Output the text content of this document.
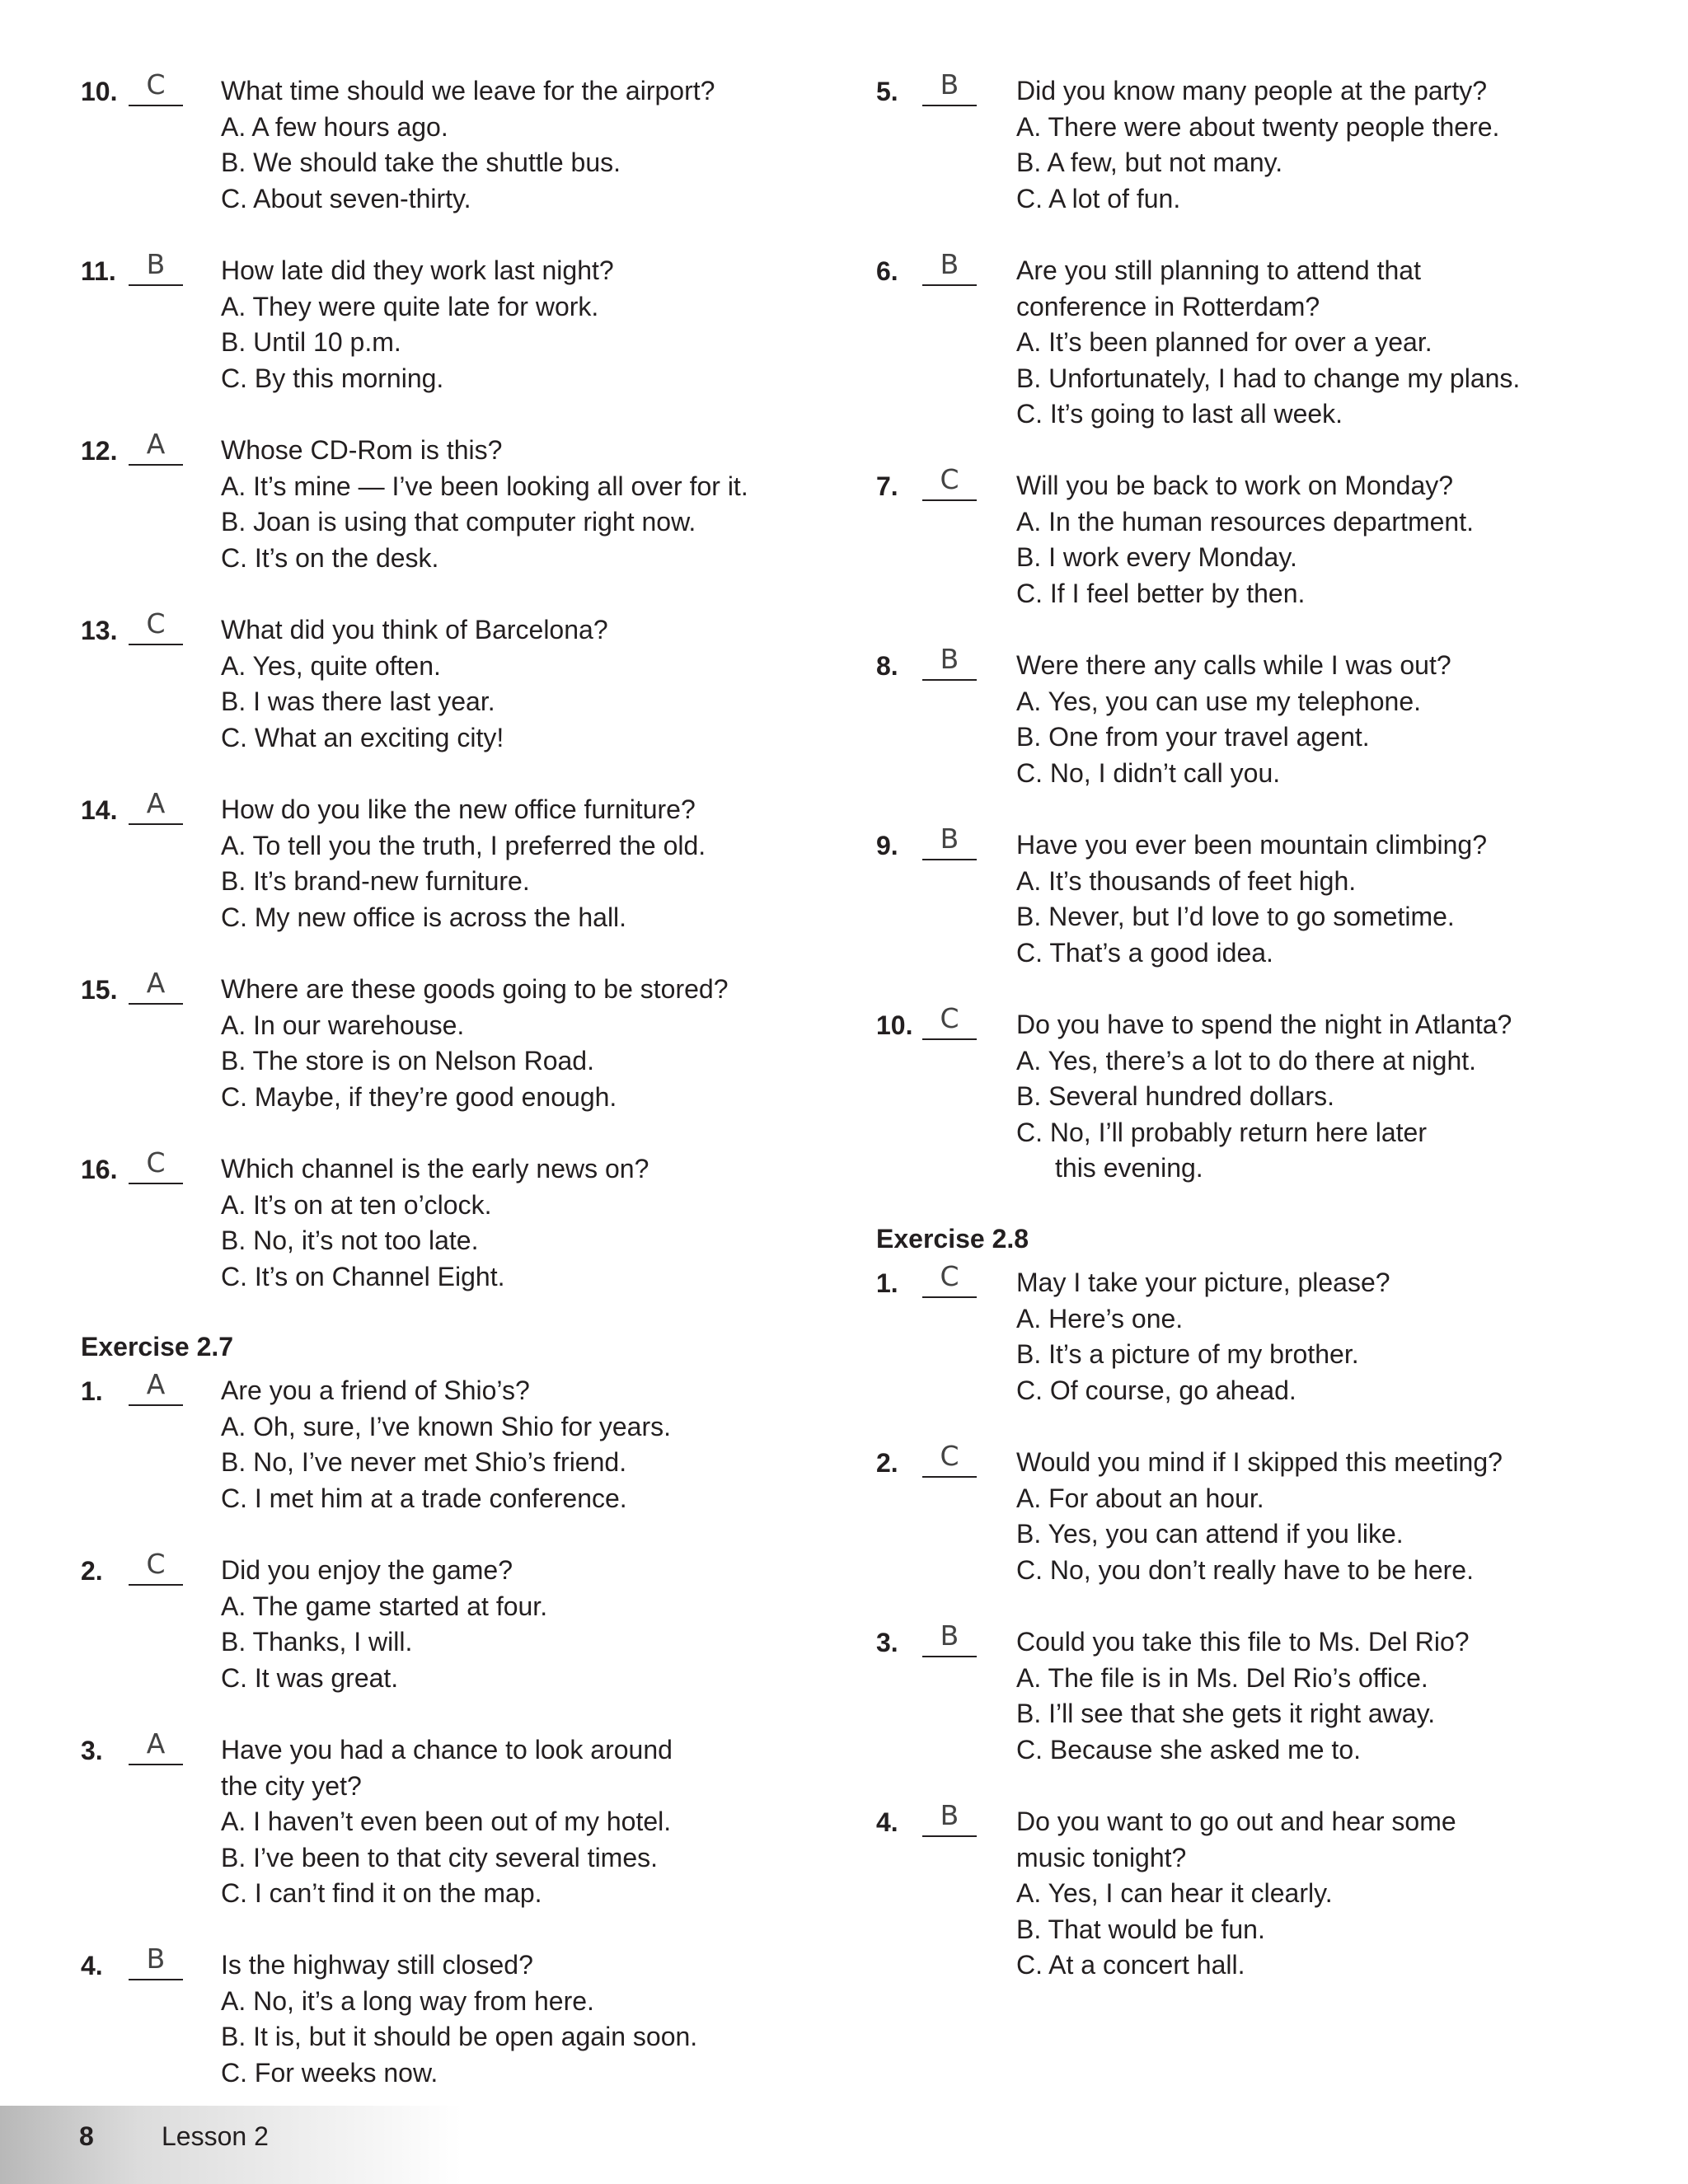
10.	C	What time should we leave for the airport?
A. A few hours ago.
B. We should take the shuttle bus.
C. About seven-thirty.
11.	B	How late did they work last night?
A. They were quite late for work.
B. Until 10 p.m.
C. By this morning.
12.	A	Whose CD-Rom is this?
A. It’s mine — I’ve been looking all over for it.
B. Joan is using that computer right now.
C. It’s on the desk.
13.	C	What did you think of Barcelona?
A. Yes, quite often.
B. I was there last year.
C. What an exciting city!
14.	A	How do you like the new office furniture?
A. To tell you the truth, I preferred the old.
B. It’s brand-new furniture.
C. My new office is across the hall.
15.	A	Where are these goods going to be stored?
A. In our warehouse.
B. The store is on Nelson Road.
C. Maybe, if they’re good enough.
16.	C	Which channel is the early news on?
A. It’s on at ten o’clock.
B. No, it’s not too late.
C. It’s on Channel Eight.
Exercise 2.7
1.	A	Are you a friend of Shio’s?
A. Oh, sure, I’ve known Shio for years.
B. No, I’ve never met Shio’s friend.
C. I met him at a trade conference.
2.	C	Did you enjoy the game?
A. The game started at four.
B. Thanks, I will.
C. It was great.
3.	A	Have you had a chance to look around
the city yet?
A. I haven’t even been out of my hotel.
B. I’ve been to that city several times.
C. I can’t find it on the map.
4.	B	Is the highway still closed?
A. No, it’s a long way from here.
B. It is, but it should be open again soon.
C. For weeks now.
5.	B	Did you know many people at the party?
A. There were about twenty people there.
B. A few, but not many.
C. A lot of fun.
6.	B	Are you still planning to attend that
conference in Rotterdam?
A. It’s been planned for over a year.
B. Unfortunately, I had to change my plans.
C. It’s going to last all week.
7.	C	Will you be back to work on Monday?
A. In the human resources department.
B. I work every Monday.
C. If I feel better by then.
8.	B	Were there any calls while I was out?
A. Yes, you can use my telephone.
B. One from your travel agent.
C. No, I didn’t call you.
9.	B	Have you ever been mountain climbing?
A. It’s thousands of feet high.
B. Never, but I’d love to go sometime.
C. That’s a good idea.
10. C	Do you have to spend the night in Atlanta?
A. Yes, there’s a lot to do there at night.
B. Several hundred dollars.
C. No, I’ll probably return here later
this evening.
Exercise 2.8
1.	C	May I take your picture, please?
A. Here’s one.
B. It’s a picture of my brother.
C. Of course, go ahead.
2.	C	Would you mind if I skipped this meeting?
A. For about an hour.
B. Yes, you can attend if you like.
C. No, you don’t really have to be here.
3.	B	Could you take this file to Ms. Del Rio?
A. The file is in Ms. Del Rio’s office.
B. I’ll see that she gets it right away.
C. Because she asked me to.
4.	B	Do you want to go out and hear some
music tonight?
A. Yes, I can hear it clearly.
B. That would be fun.
C. At a concert hall.
8	Lesson 2
